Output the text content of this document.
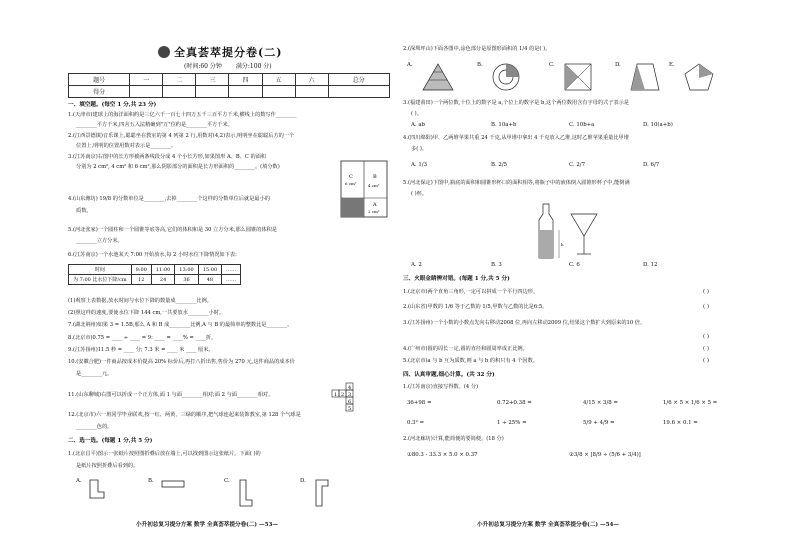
全真荟萃提分卷(二)
(时间:60 分钟 满分:100 分)
题号	一	二	三	四	五	六	总分
得分							
一、填空题。(每空 1 分,共 23 分)
1.(天津市)建球上的海洋面积约是三亿六千一百七十四万五千三百平方千米,横线上的数写作________
________平方千米,四舍五入法精确到"万"位约是________平方千米。
2.(江西景德镇)音乐课上,聪聪坐在教室的第 4 列第 2 行,用数对(4,2)表示,明明坐在聪聪后方的一个
位置上,明明的位置用数对表示是________。
3.(江苏南京)右图中的长方形被两条线段分成 4 个小长方形,如果图形 A、B、C 的面积
分别为 2 cm², 4 cm² 和 6 cm²,那么阴影部分的面积是长方形面积的________。(填分数)
C
6 cm²
B
4 cm²
A
2 cm²
4.(山东潍坊) 19/8 的分数单位是________,去掉________个这样的分数单位后就是最小的
质数。
5.(河北张家)一个圆柱和一个圆锥等底等高,它们的体积和是 30 立方分米,那么圆锥的体积是
________立方分米。
6.(江苏南京)一个水池某天 7:00 开始放水,每 2 小时水位下降情况如下表:
时间	9:00	11:00	13:00	15:00	……
为 7:00 比水位下降/cm	12	24	36	48	……
(1)观察上表数据,放水时间与水位下降的数量成________比例。
(2)照这样的速度,要使水位下降 144 cm,一共要放水________小时。
7.(湖北荆州)如果 3 = 1.5B,那么 A 和 B 成________比例,A 与 B 的最简单的整数比是________。
8.(北京市)0.75 = ____ ÷ ____ = 9: ____ = ____% = ____折。
9.(江苏扬州)11.5 秒 = ____ 分; 7.3 米 = ____ 米 ____ 厘米。
10.(安徽合肥)一件商品按成本价提高 20% 标价后,再打八折出售,售价为 270 元,这件商品的成本价
是________元。
11.(山东聊城)右图可以折成一个正方体,面 1 与面________相对;面 2 与面________相对。
4
1 2 3
6
5
12.(北京市)六一班同学毕业联欢,按一红、两黄、三绿的顺序,把气球连起来装饰教室,第 128 个气球是
________色的。
二、选一选。(每题 1 分,共 5 分)
1.(北京昌平)图示一张纸片按照图折叠后放在墙上,可以找到图示这张纸片。下面( )的
是纸片按照折叠后看到的。
A.	B.	C.	D.
小升初总复习提分方案 数学 全真荟萃提分卷(二) —53—
2.(深圳坪山)下面各图中,涂色部分是原图形面积的 1/4 的是( )。
A.	B.	C.	D.	E.
3.(福建莆田)一个两位数,十位上的数字是 a,个位上的数字是 b,这个两位数用含有字母的式子表示是
( )。
A. ab	B. 10a+b	C. 10b+a	D. 10(a+b)
4.(四川绵阳)甲、乙两堆苹果共重 24 千克,从甲堆中拿出 4 千克放入乙堆,这时乙堆苹果重量比甲堆
多( )。
A. 1/3	B. 2/5	C. 2/7	D. 6/7
5.(河北保定)下图中,瓶底的面积和圆锥形杯口的面积相等,将瓶子中的液体倒入圆锥形杯子中,能倒满
( )杯。
h
A. 2	B. 3	C. 6	D. 12
三、火眼金睛辨对错。(每题 1 分,共 5 分)
1.(北京市)两个直角三角形,一定可以拼成一个平行四边形。	( )
2.(山东省)甲数的 1/6 等于乙数的 1/5,甲数与乙数的比是6:5。	( )
3.(江苏扬州)一个小数的小数点先向右移动2008 位,再向左移动2009 位,结果这个数扩大到原来的10 倍。
( )
4.(广州市)圆的周长一定,圆的直径和圆周率成正比例。	( )
5.(北京市)a 与 b 互为质数,则 a 与 b 的积只有 4 个因数。	( )
四、认真审题,细心计算。(共 32 分)
1.(江苏南京)直接写得数。(4 分)
36+98 =	0.72+0.38 =	4/15 × 3/8 =	1/6 × 5 × 1/6 × 5 =
0.3² =	1 ÷ 25% =	5/9 + 4/9 =	19.6 × 0.1 =
2.(河北廊坊)计算,能简便的要简便。(18 分)
①80.3 - 33.3 × 5.0 × 0.37	②3/8 × [8/9 ÷ (5/6 + 3/4)]
小升初总复习提分方案 数学 全真荟萃提分卷(二) —54—
